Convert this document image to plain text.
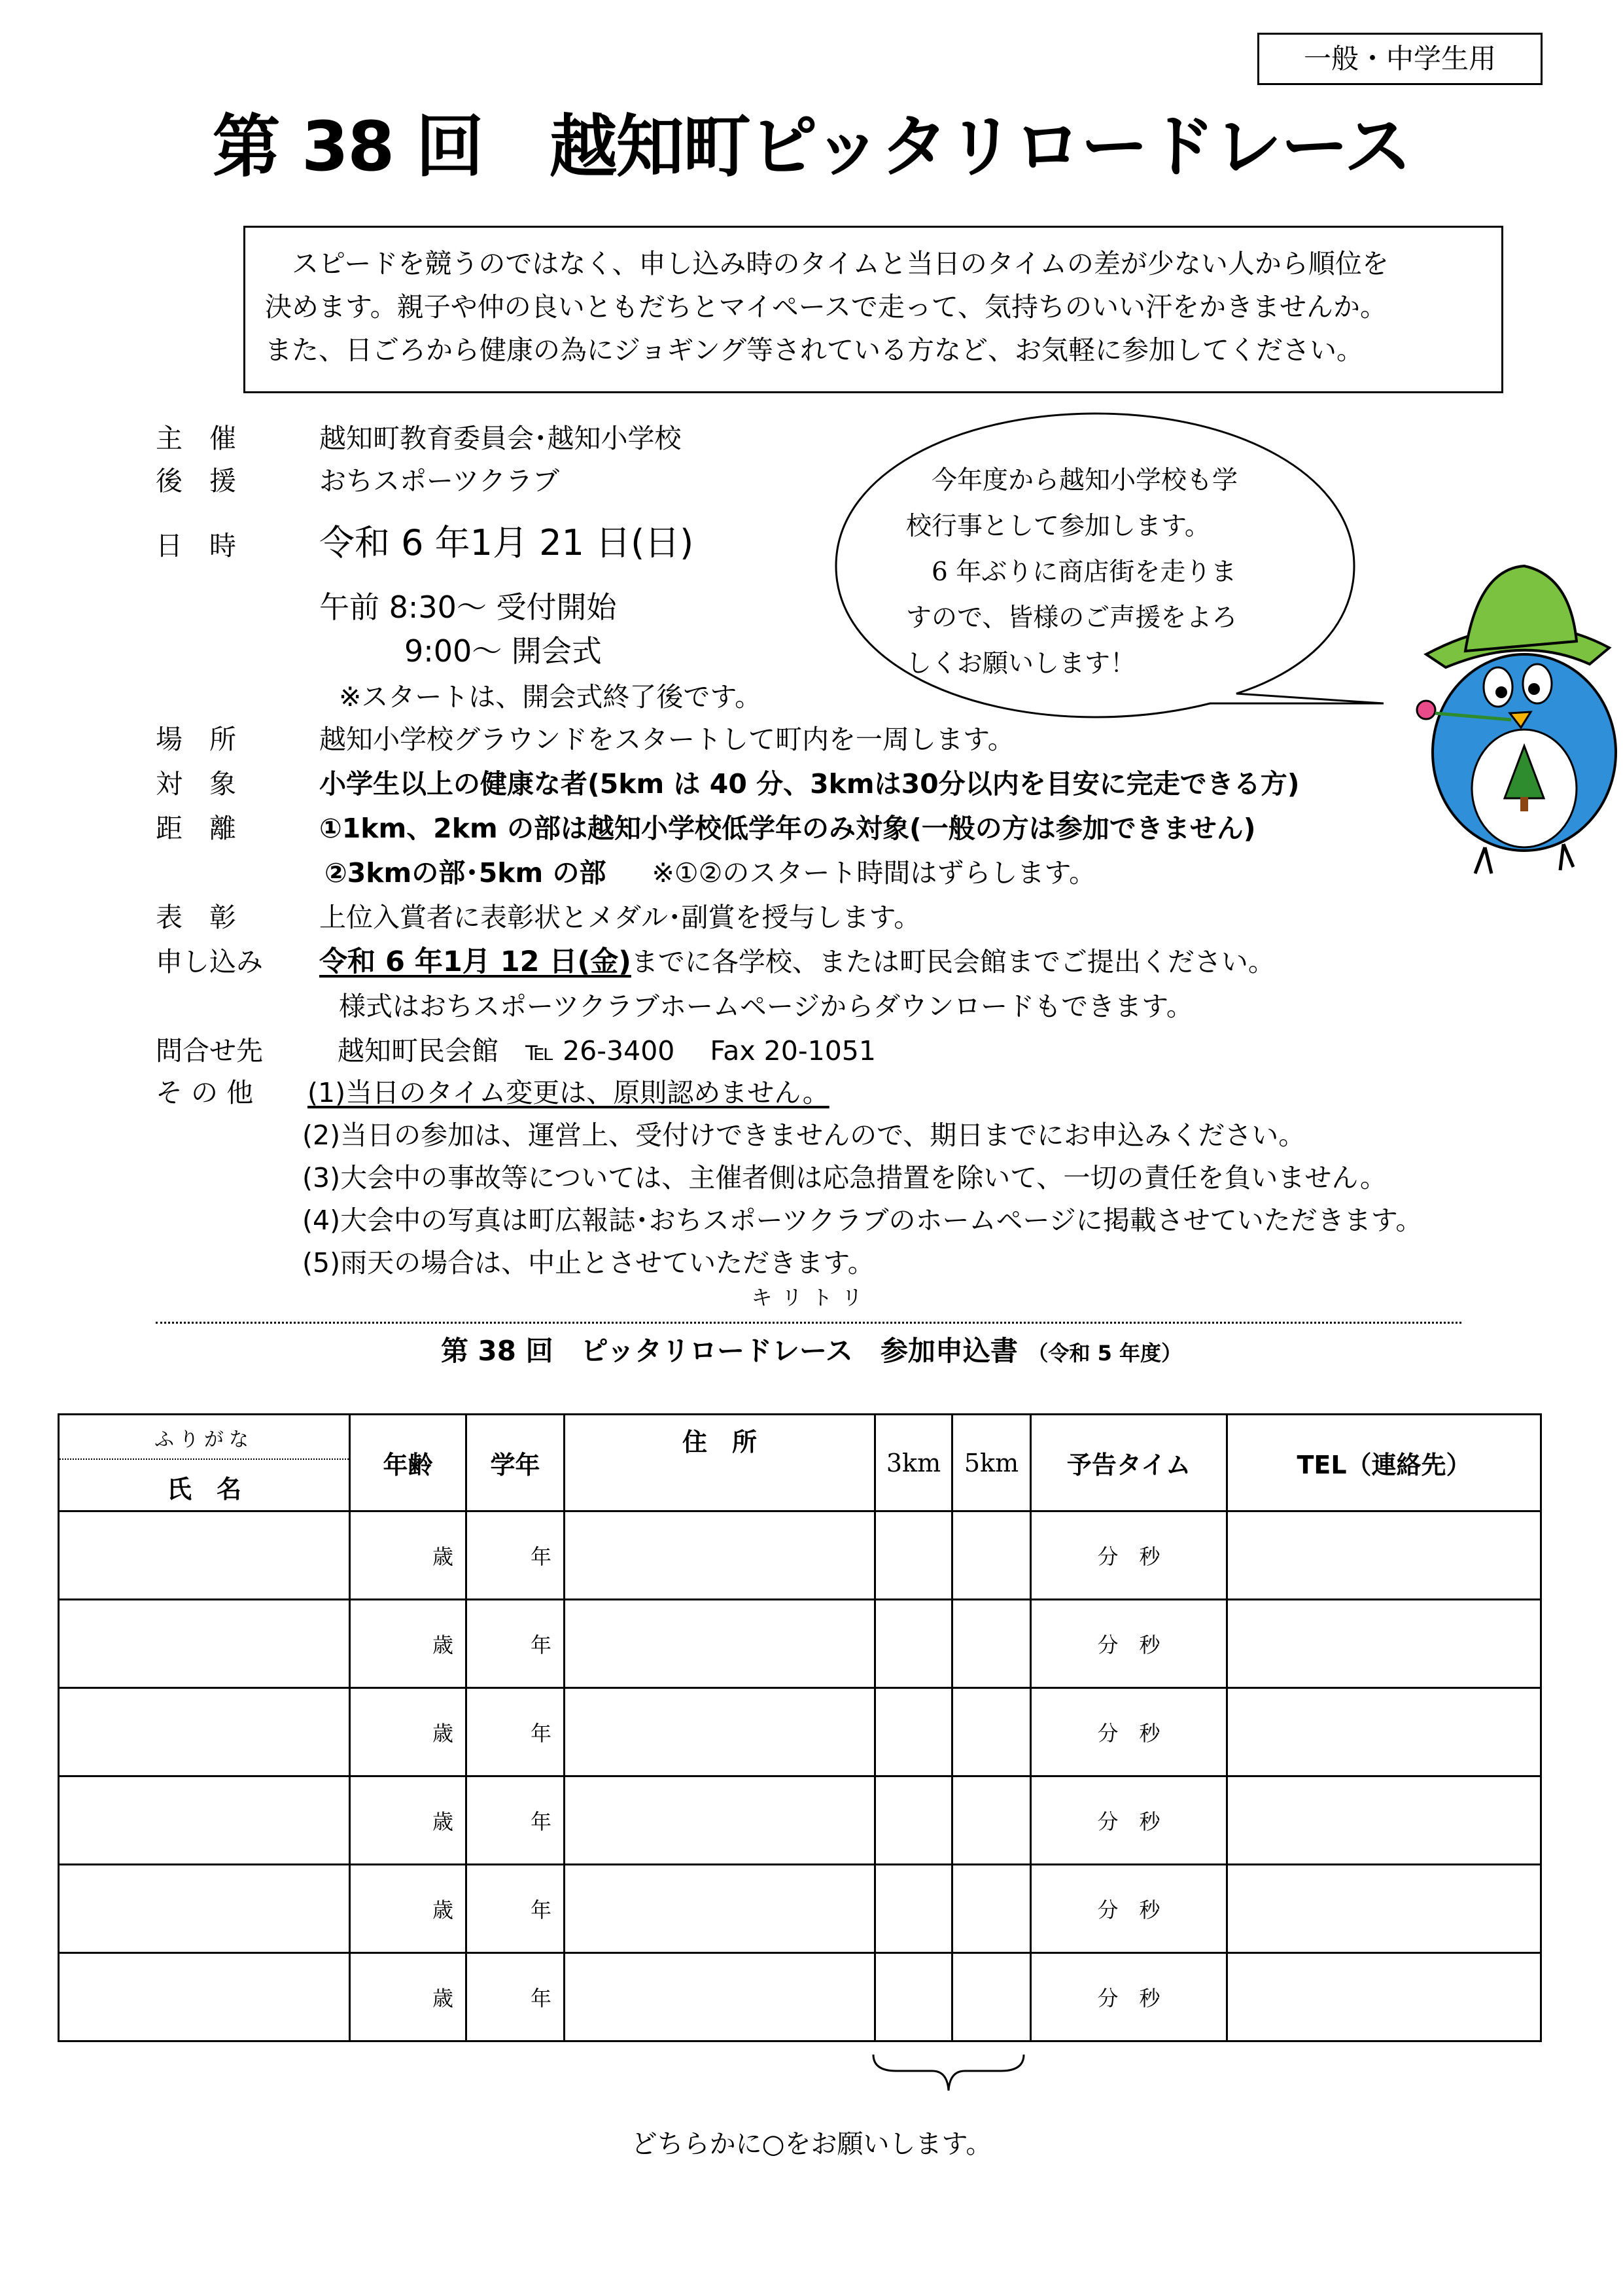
一般・中学生用
第 38 回　越知町ピッタリロードレース
　スピードを競うのではなく、申し込み時のタイムと当日のタイムの差が少ない人から順位を
決めます。親子や仲の良いともだちとマイペースで走って、気持ちのいい汗をかきませんか。
また、日ごろから健康の為にジョギング等されている方など、お気軽に参加してください。
主　催	越知町教育委員会･越知小学校
後　援	おちスポーツクラブ
日　時 令和 6 年1月 21 日(日)
午前 8:30～ 受付開始
9:00～ 開会式
※スタートは、開会式終了後です。
場　所	越知小学校グラウンドをスタートして町内を一周します。
対　象	小学生以上の健康な者(5km は 40 分、3kmは30分以内を目安に完走できる方)
距　離	①1km、2km の部は越知小学校低学年のみ対象(一般の方は参加できません)
②3kmの部･5km の部 ※①②のスタート時間はずらします。
表　彰	上位入賞者に表彰状とメダル･副賞を授与します。
申し込み 令和 6 年1月 12 日(金)までに各学校、または町民会館までご提出ください。
様式はおちスポーツクラブホームページからダウンロードもできます。
問合せ先	越知町民会館　℡ 26-3400　 Fax 20-1051
そ の 他 (1)当日のタイム変更は、原則認めません。
(2)当日の参加は、運営上、受付けできませんので、期日までにお申込みください。
(3)大会中の事故等については、主催者側は応急措置を除いて、一切の責任を負いません。
(4)大会中の写真は町広報誌･おちスポーツクラブのホームページに掲載させていただきます。
(5)雨天の場合は、中止とさせていただきます。
　今年度から越知小学校も学
校行事として参加します。
　6 年ぶりに商店街を走りま
すので、皆様のご声援をよろ
しくお願いします！
キリトリ
第 38 回　ピッタリロードレース　参加申込書 （令和 5 年度）
ふりがな
氏　名	年齢	学年	住　所	3km	5km	予告タイム	TEL（連絡先）
	歳	年				分　秒	
	歳	年				分　秒	
	歳	年				分　秒	
	歳	年				分　秒	
	歳	年				分　秒	
	歳	年				分　秒	
どちらかに○をお願いします。
